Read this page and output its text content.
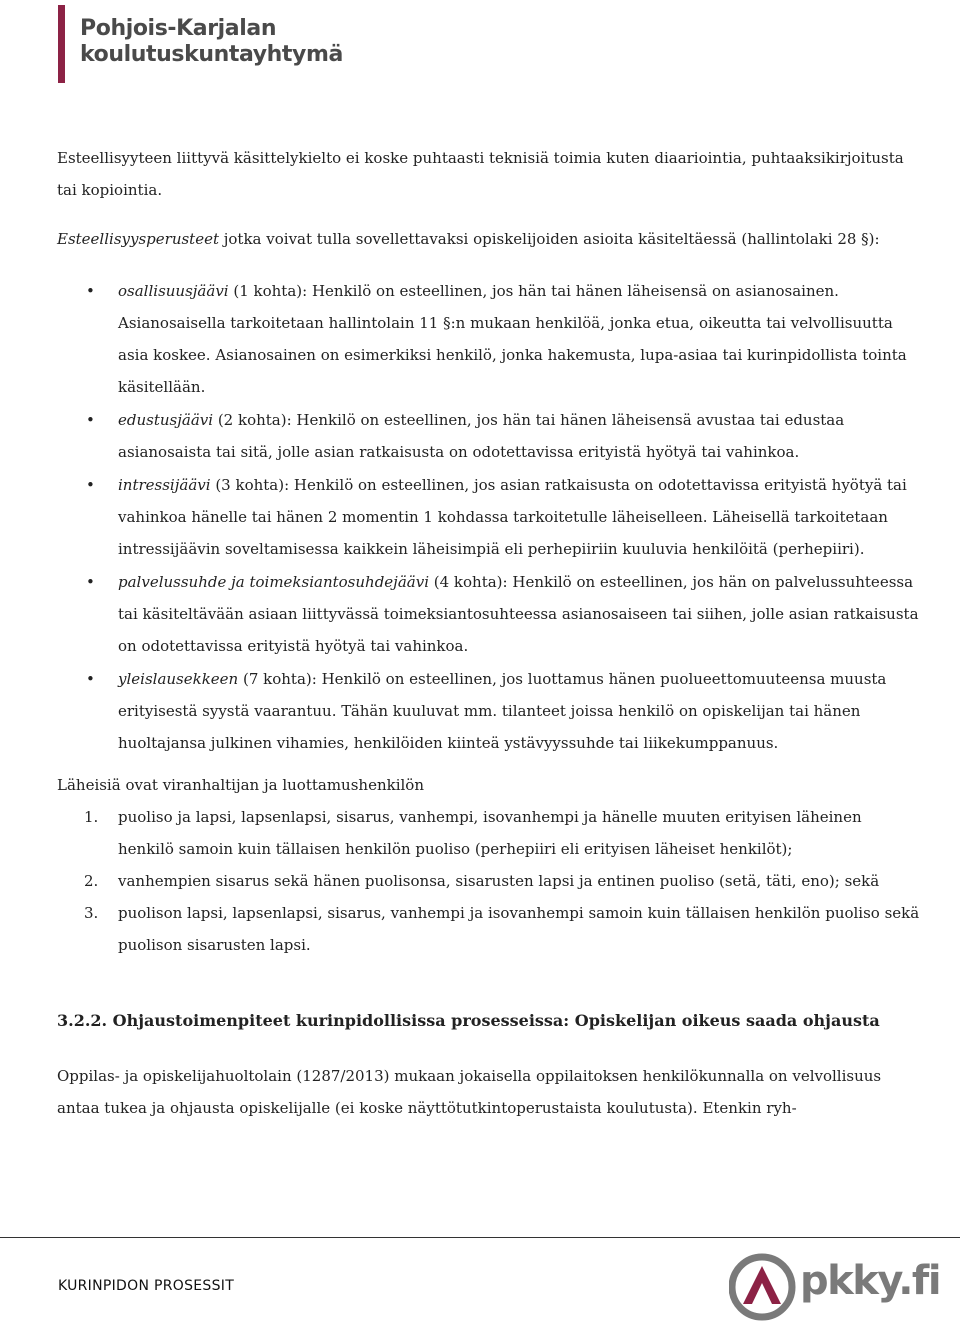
Pohjois-Karjalan
koulutuskuntayhtymä

Esteellisyyteen liittyvä käsittelykielto ei koske puhtaasti teknisiä toimia kuten diaariointia, puhtaaksikirjoitusta tai kopiointia.

Esteellisyysperusteet jotka voivat tulla sovellettavaksi opiskelijoiden asioita käsiteltäessä (hallintolaki 28 §):

• osallisuusjäävi (1 kohta): Henkilö on esteellinen, jos hän tai hänen läheisensä on asianosainen. Asianosaisella tarkoitetaan hallintolain 11 §:n mukaan henkilöä, jonka etua, oikeutta tai velvollisuutta asia koskee. Asianosainen on esimerkiksi henkilö, jonka hakemusta, lupa-asiaa tai kurinpidollista tointa käsitellään.
• edustusjäävi (2 kohta): Henkilö on esteellinen, jos hän tai hänen läheisensä avustaa tai edustaa asianosaista tai sitä, jolle asian ratkaisusta on odotettavissa erityistä hyötyä tai vahinkoa.
• intressijäävi (3 kohta): Henkilö on esteellinen, jos asian ratkaisusta on odotettavissa erityistä hyötyä tai vahinkoa hänelle tai hänen 2 momentin 1 kohdassa tarkoitetulle läheiselleen. Läheisellä tarkoitetaan intressijäävin soveltamisessa kaikkein läheisimpiä eli perhepiiriin kuuluvia henkilöitä (perhepiiri).
• palvelussuhde ja toimeksiantosuhdejäävi (4 kohta): Henkilö on esteellinen, jos hän on palvelussuhteessa tai käsiteltävään asiaan liittyvässä toimeksiantosuhteessa asianosaiseen tai siihen, jolle asian ratkaisusta on odotettavissa erityistä hyötyä tai vahinkoa.
• yleislausekkeen (7 kohta): Henkilö on esteellinen, jos luottamus hänen puolueettomuuteensa muusta erityisestä syystä vaarantuu. Tähän kuuluvat mm. tilanteet joissa henkilö on opiskelijan tai hänen huoltajansa julkinen vihamies, henkilöiden kiinteä ystävyyssuhde tai liikekumppanuus.

Läheisiä ovat viranhaltijan ja luottamushenkilön

1. puoliso ja lapsi, lapsenlapsi, sisarus, vanhempi, isovanhempi ja hänelle muuten erityisen läheinen henkilö samoin kuin tällaisen henkilön puoliso (perhepiiri eli erityisen läheiset henkilöt);
2. vanhempien sisarus sekä hänen puolisonsa, sisarusten lapsi ja entinen puoliso (setä, täti, eno); sekä
3. puolison lapsi, lapsenlapsi, sisarus, vanhempi ja isovanhempi samoin kuin tällaisen henkilön puoliso sekä puolison sisarusten lapsi.
3.2.2. Ohjaustoimenpiteet kurinpidollisissa prosesseissa: Opiskelijan oikeus saada ohjausta

Oppilas- ja opiskelijahuoltolain (1287/2013) mukaan jokaisella oppilaitoksen henkilökunnalla on velvollisuus antaa tukea ja ohjausta opiskelijalle (ei koske näyttötutkintoperustaista koulutusta). Etenkin ryh-

KURINPIDON PROSESSIT	pkky.fi
